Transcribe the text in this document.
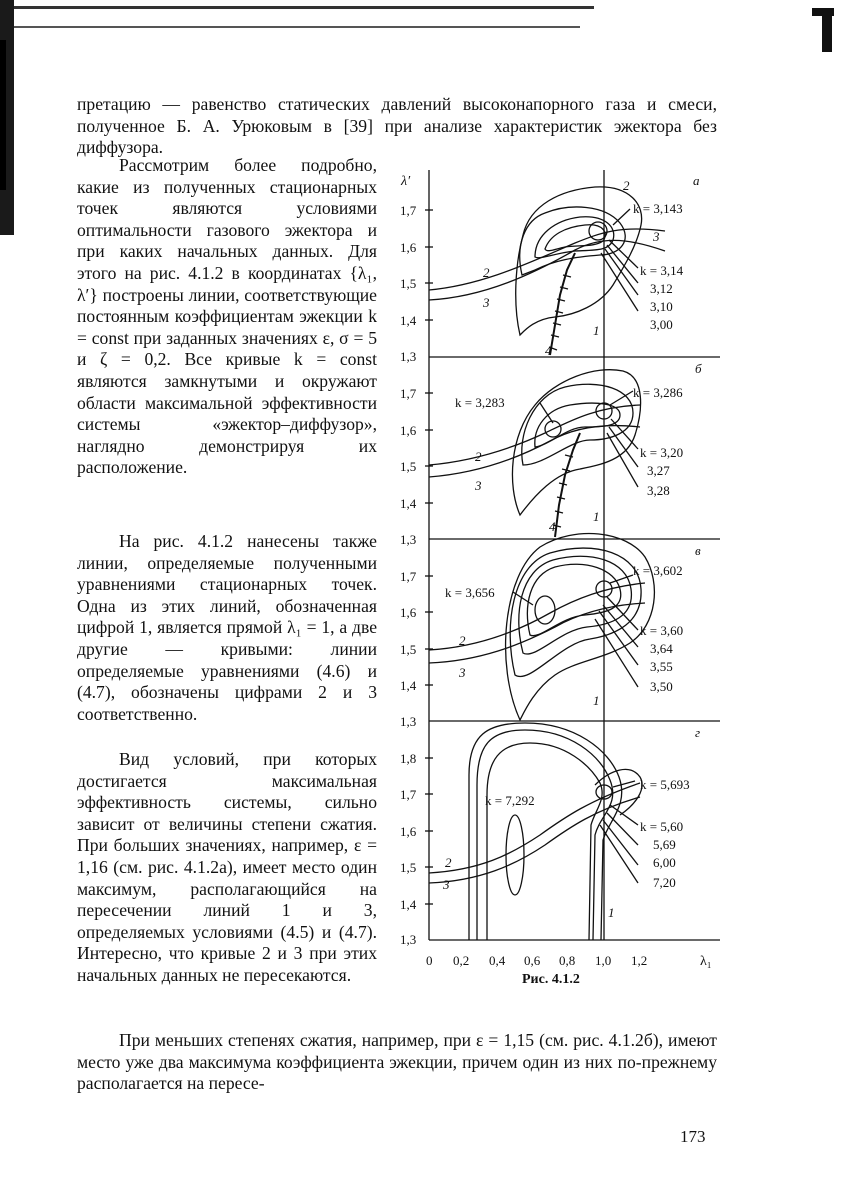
претацию — равенство статических давлений высоконапорного газа и смеси, полученное Б. А. Урюковым в [39] при анализе характеристик эжектора без диффузора.

Рассмотрим более подробно, какие из полученных стационарных точек являются условиями оптимальности газового эжектора и при каких начальных данных. Для этого на рис. 4.1.2 в координатах {λ₁, λ′} построены линии, соответствующие постоянным коэффициентам эжекции k = const при заданных значениях ε, σ = 5 и ζ = 0,2. Все кривые k = const являются замкнутыми и окружают области максимальной эффективности системы «эжектор–диффузор», наглядно демонстрируя их расположение.

На рис. 4.1.2 нанесены также линии, определяемые полученными уравнениями стационарных точек. Одна из этих линий, обозначенная цифрой 1, является прямой λ₁ = 1, а две другие — кривыми: линии определяемые уравнениями (4.6) и (4.7), обозначены цифрами 2 и 3 соответственно.

Вид условий, при которых достигается максимальная эффективность системы, сильно зависит от величины степени сжатия. При больших значениях, например, ε = 1,16 (см. рис. 4.1.2а), имеет место один максимум, располагающийся на пересечении линий 1 и 3, определяемых условиями (4.5) и (4.7). Интересно, что кривые 2 и 3 при этих начальных данных не пересекаются.

При меньших степенях сжатия, например, при ε = 1,15 (см. рис. 4.1.2б), имеют место уже два максимума коэффициента эжекции, причем один из них по-прежнему располагается на пересе-

λ′
λ₁
0 0,2 0,4 0,6 0,8 1,0 1,2
1,7
1,6
1,5
1,4
1,3
а
k = 3,143
k = 3,14
3,12
3,10
3,00
1
2
3
4
2
3
1,7
1,6
1,5
1,4
1,3
б
k = 3,283
k = 3,286
k = 3,20
3,27
3,28
1
2
3
4
1,7
1,6
1,5
1,4
1,3
в
k = 3,656
k = 3,602
k = 3,60
3,64
3,55
3,50
1
2
3
1,8
1,7
1,6
1,5
1,4
1,3
г
k = 7,292
k = 5,693
k = 5,60
5,69
6,00
7,20
1
2
3
Рис. 4.1.2
173
